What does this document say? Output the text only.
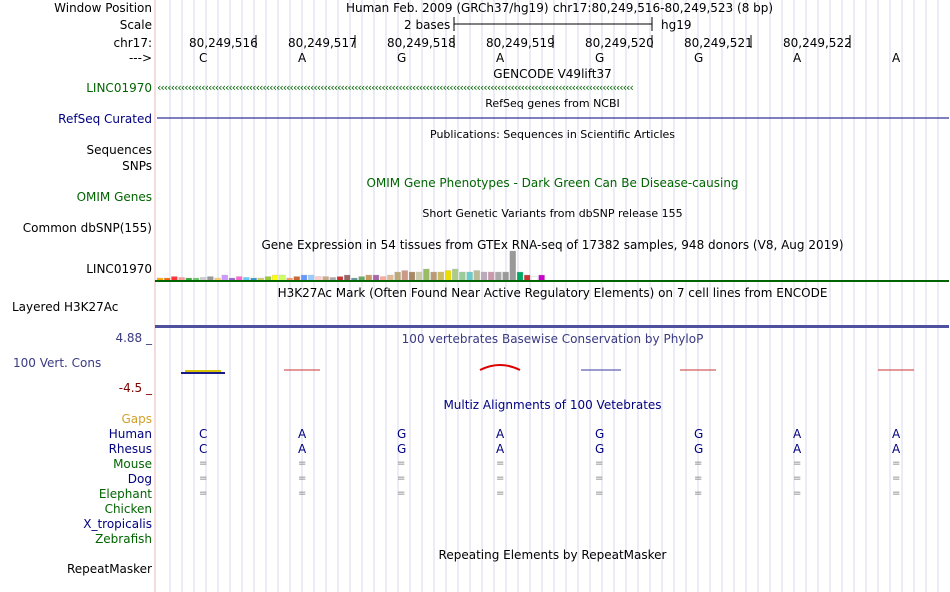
Window Position
Scale
chr17:
--->
Human Feb. 2009 (GRCh37/hg19) chr17:80,249,516-80,249,523 (8 bp)
2 bases	hg19
80,249,516	80,249,517	80,249,518	80,249,519	80,249,520	80,249,521	80,249,522
C	A	G	A	G	G	A	A
GENCODE V49lift37
LINC01970 ‹‹‹‹‹‹‹‹‹‹‹‹‹‹‹‹‹‹‹‹‹‹‹‹‹‹‹‹‹‹‹‹‹‹‹‹‹‹‹‹‹‹‹‹‹‹‹‹‹‹‹‹‹‹‹‹‹‹‹‹‹‹‹‹‹‹‹‹‹‹‹‹‹‹‹‹‹‹‹‹‹‹‹‹‹‹‹‹‹‹‹‹‹‹‹‹‹‹‹‹‹‹‹‹‹‹‹‹‹‹‹‹‹‹‹‹‹‹‹‹‹‹‹‹‹‹‹‹‹‹‹‹‹‹‹‹‹‹‹‹
RefSeq genes from NCBI
RefSeq Curated
Publications: Sequences in Scientific Articles
Sequences
SNPs
OMIM Gene Phenotypes - Dark Green Can Be Disease-causing
OMIM Genes
Short Genetic Variants from dbSNP release 155
Common dbSNP(155)
Gene Expression in 54 tissues from GTEx RNA-seq of 17382 samples, 948 donors (V8, Aug 2019)
LINC01970
H3K27Ac Mark (Often Found Near Active Regulatory Elements) on 7 cell lines from ENCODE
Layered H3K27Ac
100 vertebrates Basewise Conservation by PhyloP
4.88 _
100 Vert. Cons
-4.5 _
Multiz Alignments of 100 Vetebrates
Gaps
Human	C	A	G	A	G	G	A	A
Rhesus	C	A	G	A	G	G	A	A
Mouse	=	=	=	=	=	=	=	=
Dog	=	=	=	=	=	=	=	=
Elephant	=	=	=	=	=	=	=	=
Chicken
X_tropicalis
Zebrafish
Repeating Elements by RepeatMasker
RepeatMasker
